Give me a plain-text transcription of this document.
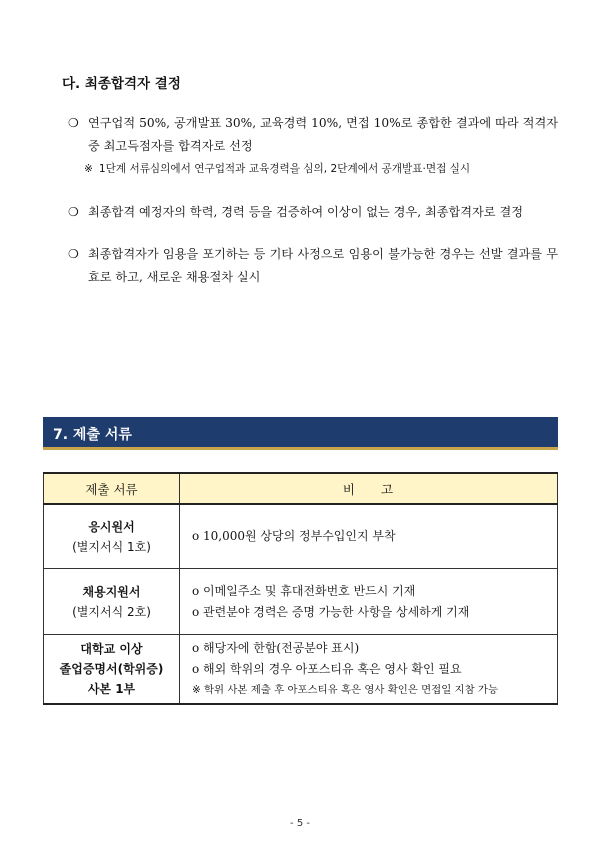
다. 최종합격자 결정
❍ 연구업적 50%, 공개발표 30%, 교육경력 10%, 면접 10%로 종합한 결과에 따라 적격자 중 최고득점자를 합격자로 선정
※ 1단계 서류심의에서 연구업적과 교육경력을 심의, 2단계에서 공개발표·면접 실시
❍ 최종합격 예정자의 학력, 경력 등을 검증하여 이상이 없는 경우, 최종합격자로 결정
❍ 최종합격자가 임용을 포기하는 등 기타 사정으로 임용이 불가능한 경우는 선발 결과를 무효로 하고, 새로운 채용절차 실시
7. 제출 서류
제출 서류	비고

응시원서
(별지서식 1호)	o 10,000원 상당의 정부수입인지 부착

채용지원서
(별지서식 2호)	o 이메일주소 및 휴대전화번호 반드시 기재
o 관련분야 경력은 증명 가능한 사항을 상세하게 기재

대학교 이상
졸업증명서(학위증)
사본 1부	o 해당자에 한함(전공분야 표시)
o 해외 학위의 경우 아포스티유 혹은 영사 확인 필요
※ 학위 사본 제출 후 아포스티유 혹은 영사 확인은 면접일 지참 가능
- 5 -
